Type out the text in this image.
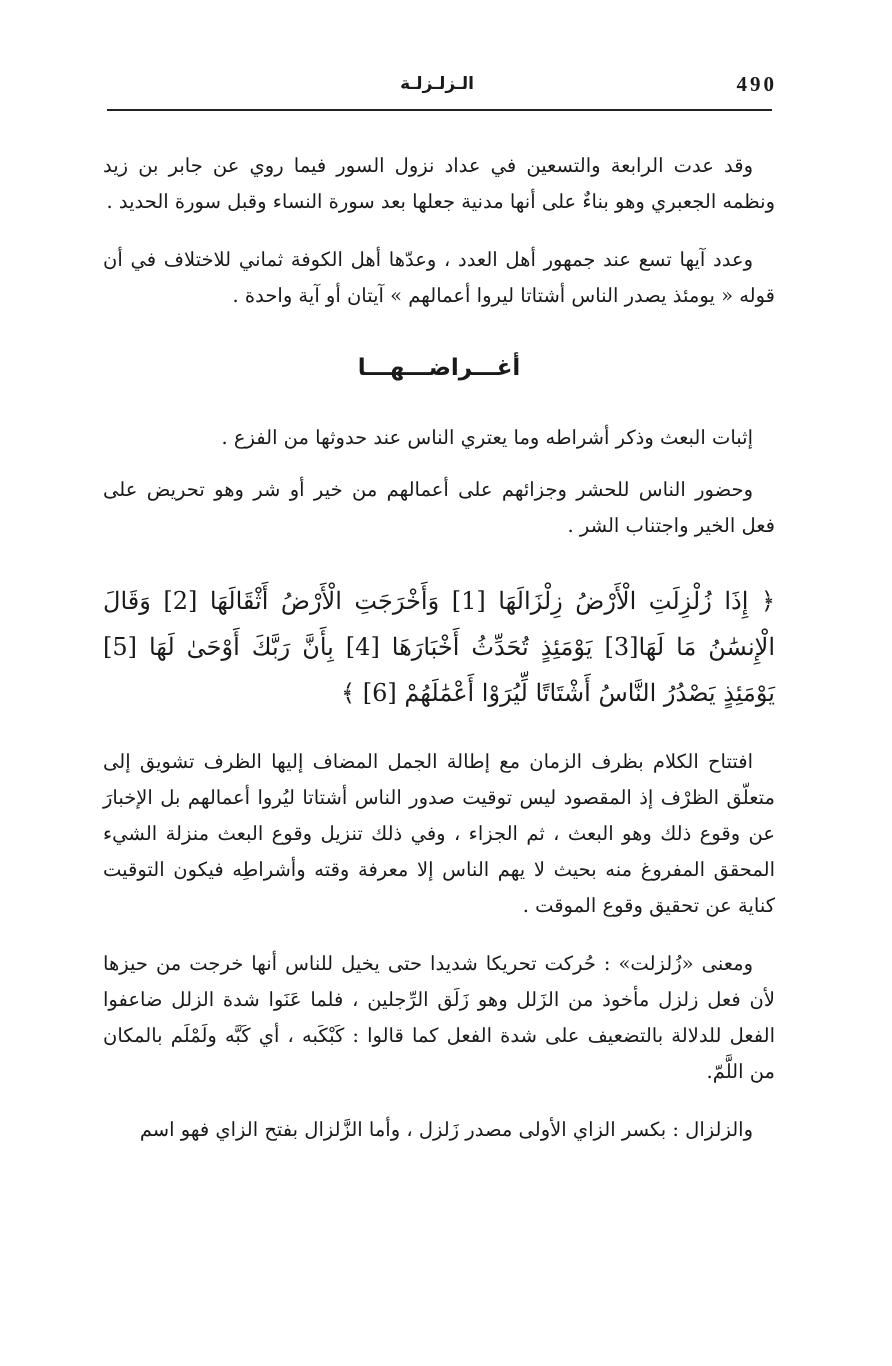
490
الـزلـزلـة

وقد عدت الرابعة والتسعين في عداد نزول السور فيما روي عن جابر بن زيد ونظمه الجعبري وهو بناءٌ على أنها مدنية جعلها بعد سورة النساء وقبل سورة الحديد .

وعدد آيها تسع عند جمهور أهل العدد ، وعدّها أهل الكوفة ثماني للاختلاف في أن قوله « يومئذ يصدر الناس أشتاتا ليروا أعمالهم » آيتان أو آية واحدة .

أغـــراضـــهـــا

إثبات البعث وذكر أشراطه وما يعتري الناس عند حدوثها من الفزع .

وحضور الناس للحشر وجزائهم على أعمالهم من خير أو شر وهو تحريض على فعل الخير واجتناب الشر .

﴿ إِذَا زُلْزِلَتِ الْأَرْضُ زِلْزَالَهَا [1] وَأَخْرَجَتِ الْأَرْضُ أَثْقَالَهَا [2] وَقَالَ الْإِنسَٰنُ مَا لَهَا[3] يَوْمَئِذٍ تُحَدِّثُ أَخْبَارَهَا [4] بِأَنَّ رَبَّكَ أَوْحَىٰ لَهَا [5] يَوْمَئِذٍ يَصْدُرُ النَّاسُ أَشْتَاتًا لِّيُرَوْا أَعْمَٰلَهُمْ [6] ﴾

افتتاح الكلام بظرف الزمان مع إطالة الجمل المضاف إليها الظرف تشويق إلى متعلّق الظرْف إذ المقصود ليس توقيت صدور الناس أشتاتا ليُروا أعمالهم بل الإخبارَ عن وقوع ذلك وهو البعث ، ثم الجزاء ، وفي ذلك تنزيل وقوع البعث منزلة الشيء المحقق المفروغ منه بحيث لا يهم الناس إلا معرفة وقته وأشراطِه فيكون التوقيت كناية عن تحقيق وقوع الموقت .

ومعنى «زُلزلت» : حُركت تحريكا شديدا حتى يخيل للناس أنها خرجت من حيزها لأن فعل زلزل مأخوذ من الزَلل وهو زَلَق الرِّجلين ، فلما عَنَوا شدة الزلل ضاعفوا الفعل للدلالة بالتضعيف على شدة الفعل كما قالوا : كَبْكَبه ، أي كَبَّه ولَمْلَم بالمكان من اللَّمّ.

والزلزال : بكسر الزاي الأولى مصدر زَلزل ، وأما الزَّلزال بفتح الزاي فهو اسم
